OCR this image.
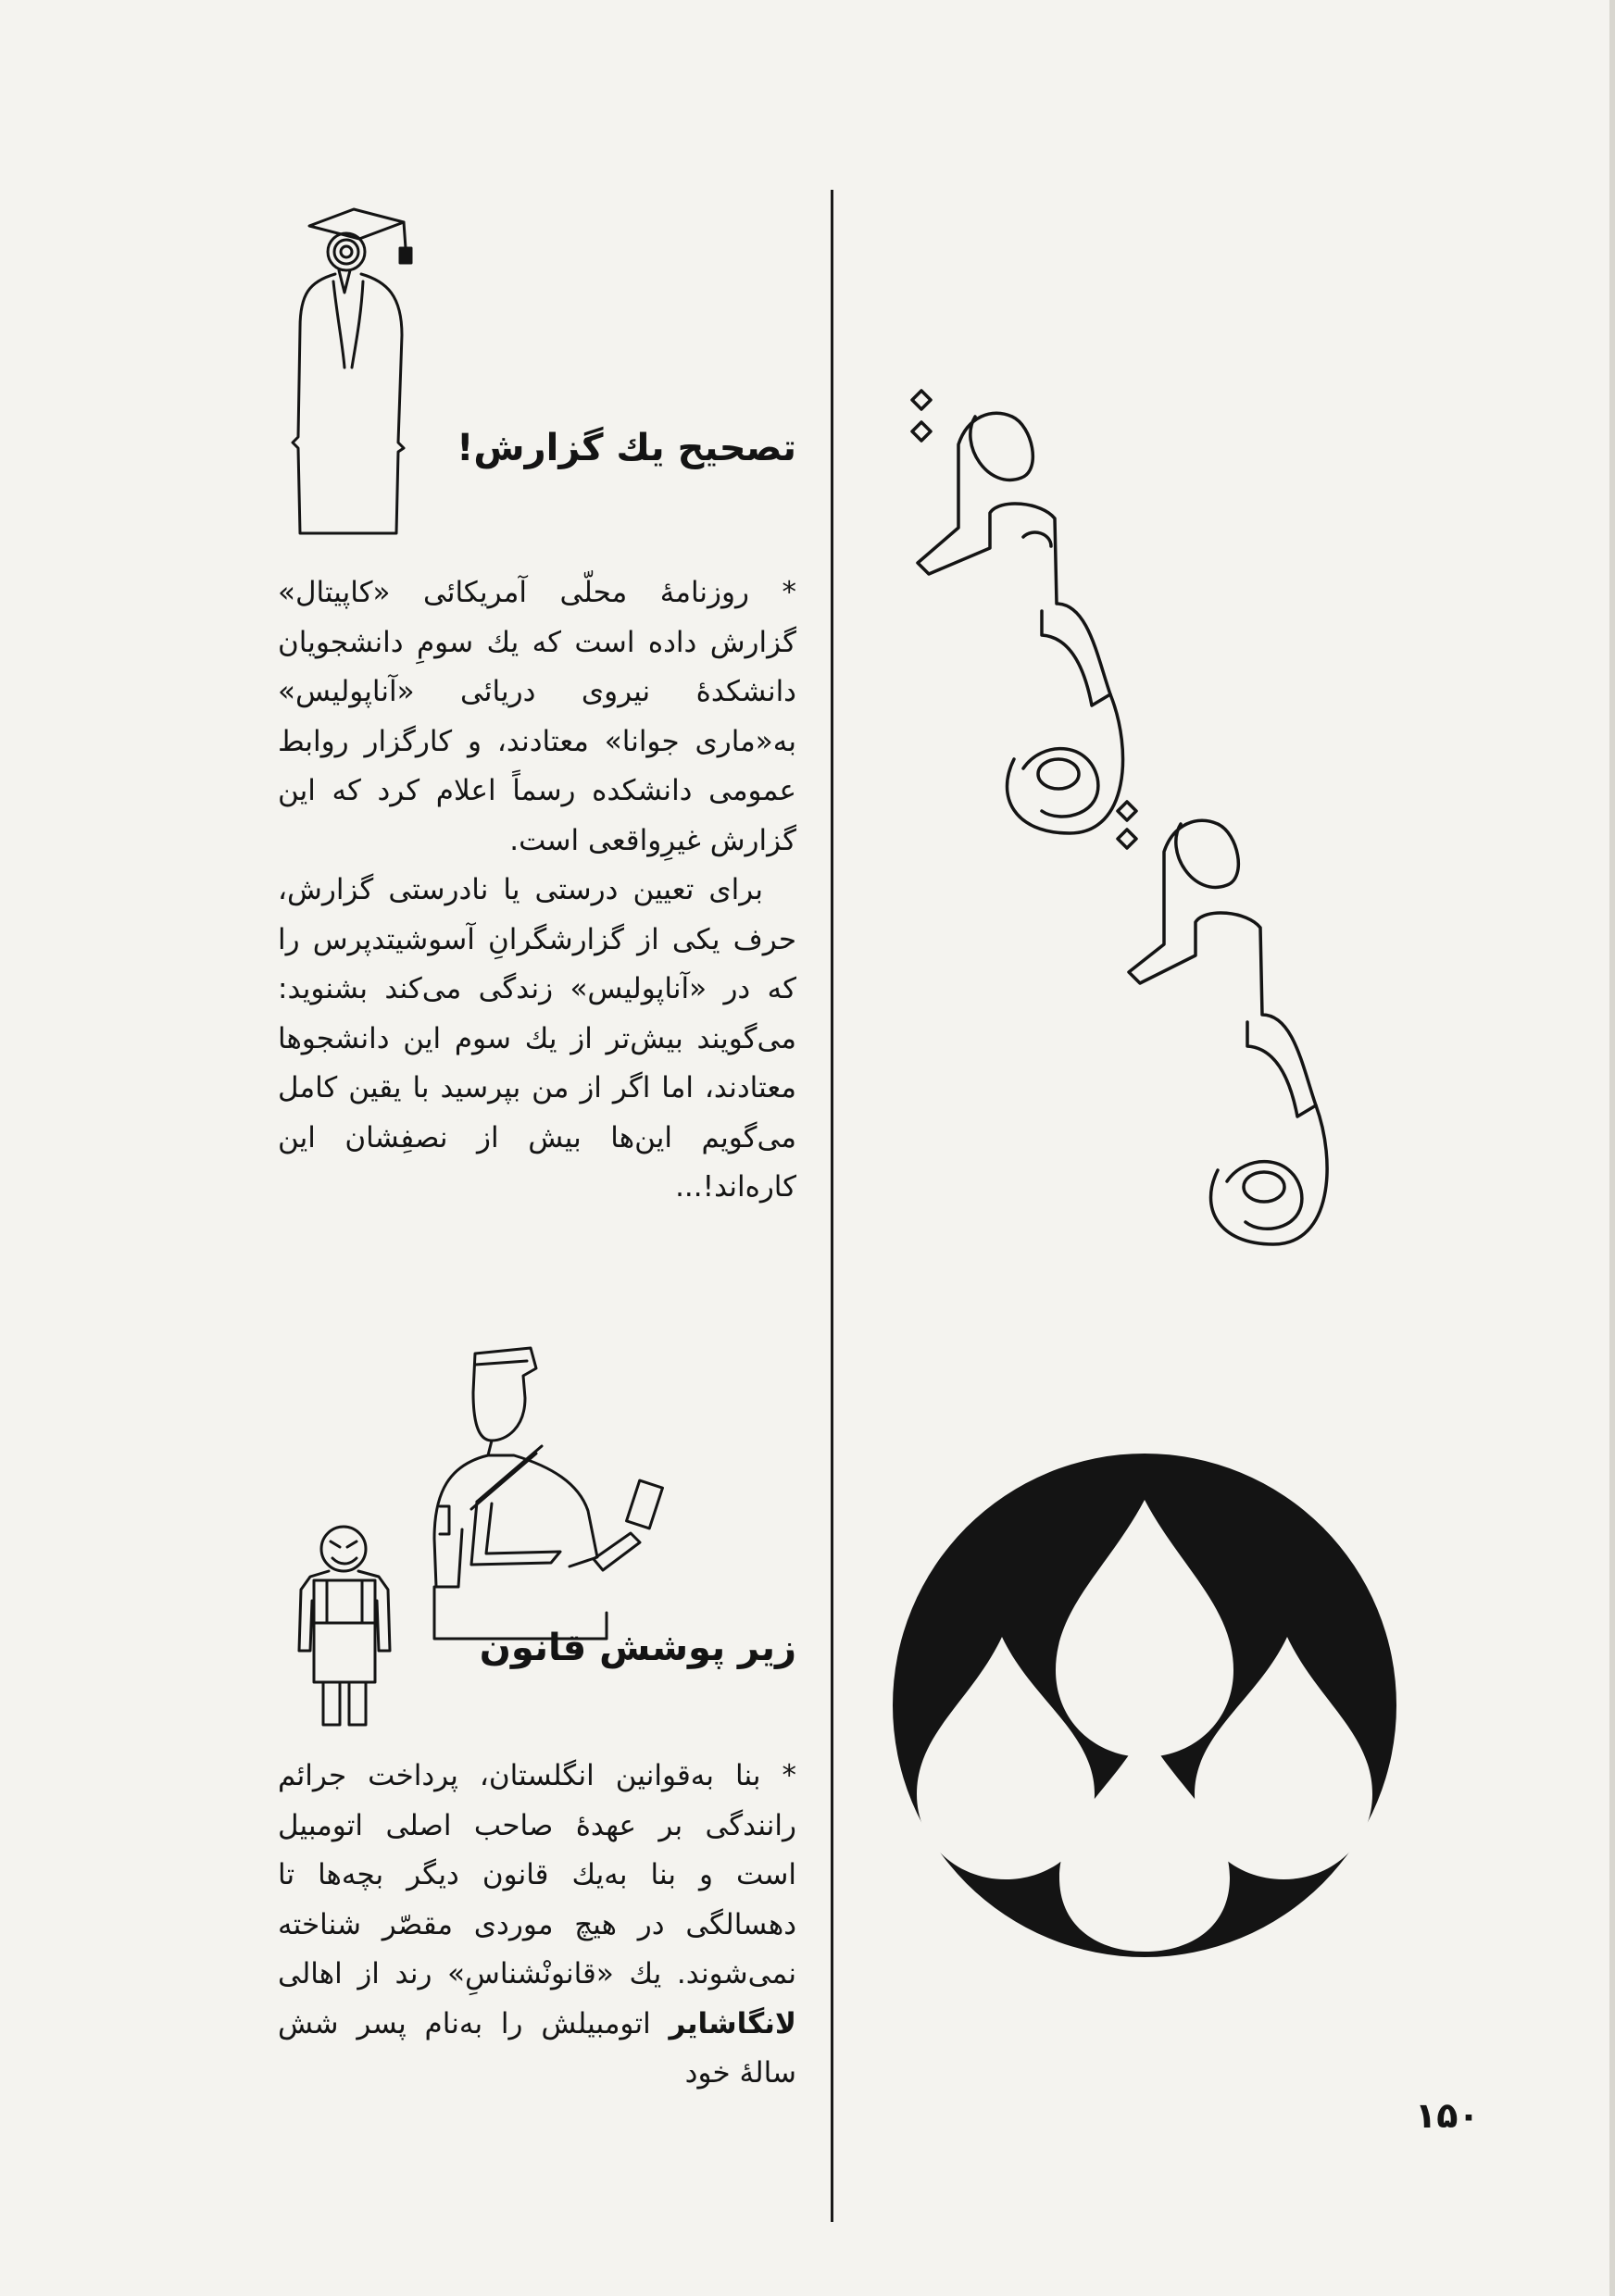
تصحیح یك گزارش!

* روزنامهٔ محلّی آمریکائی «کاپیتال» گزارش داده است که یك سومِ دانشجویان دانشکدهٔ نیروی دریائی «آناپولیس» به«ماری جوانا» معتادند، و کارگزار روابط عمومی دانشکده رسماً اعلام کرد که این گزارش غیرِواقعی است.

برای تعیین درستی یا نادرستی گزارش، حرف یکی از گزارشگرانِ آسوشیتدپرس را که در «آناپولیس» زندگی می‌کند بشنوید: می‌گویند بیش‌تر از یك سوم این دانشجوها معتادند، اما اگر از من بپرسید با یقین کامل می‌گویم این‌ها بیش از نصفِشان این کاره‌اند!...

زیر پوشش قانون

* بنا به‌قوانین انگلستان، پرداخت جرائم رانندگی بر عهدهٔ صاحب اصلی اتومبیل است و بنا به‌یك قانون دیگر بچه‌ها تا دهسالگی در هیچ موردی مقصّر شناخته نمی‌شوند. یك «قانونْشناسِ» رند از اهالی لانگاشایر اتومبیلش را به‌نام پسر شش سالهٔ خود

۱۵۰
